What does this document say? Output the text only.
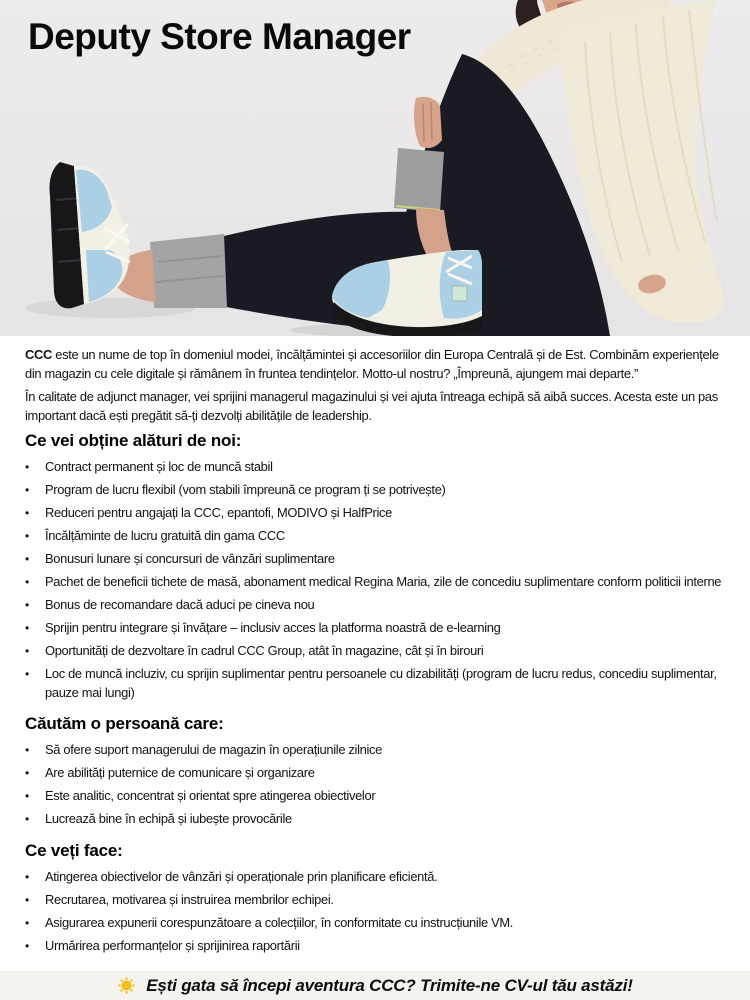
Deputy Store Manager

CCC este un nume de top în domeniul modei, încălțămintei și accesoriilor din Europa Centrală și de Est. Combinăm experiențele din magazin cu cele digitale și rămânem în fruntea tendințelor. Motto-ul nostru? „Împreună, ajungem mai departe.”

În calitate de adjunct manager, vei sprijini managerul magazinului și vei ajuta întreaga echipă să aibă succes. Acesta este un pas important dacă ești pregătit să-ți dezvolți abilitățile de leadership.

Ce vei obține alături de noi:
•
Contract permanent și loc de muncă stabil
•
Program de lucru flexibil (vom stabili împreună ce program ți se potrivește)
•
Reduceri pentru angajați la CCC, epantofi, MODIVO și HalfPrice
•
Încălțăminte de lucru gratuită din gama CCC
•
Bonusuri lunare și concursuri de vânzări suplimentare
•
Pachet de beneficii tichete de masă, abonament medical Regina Maria, zile de concediu suplimentare conform politicii interne
•
Bonus de recomandare dacă aduci pe cineva nou
•
Sprijin pentru integrare și învățare – inclusiv acces la platforma noastră de e-learning
•
Oportunități de dezvoltare în cadrul CCC Group, atât în magazine, cât și în birouri
•
Loc de muncă incluziv, cu sprijin suplimentar pentru persoanele cu dizabilități (program de lucru redus, concediu suplimentar, pauze mai lungi)
Căutăm o persoană care:
•
Să ofere suport managerului de magazin în operațiunile zilnice
•
Are abilități puternice de comunicare și organizare
•
Este analitic, concentrat și orientat spre atingerea obiectivelor
•
Lucrează bine în echipă și iubește provocările
Ce veți face:
•
Atingerea obiectivelor de vânzări și operaționale prin planificare eficientă.
•
Recrutarea, motivarea și instruirea membrilor echipei.
•
Asigurarea expunerii corespunzătoare a colecțiilor, în conformitate cu instrucțiunile VM.
•
Urmărirea performanțelor și sprijinirea raportării
Ești gata să începi aventura CCC? Trimite-ne CV-ul tău astăzi!
